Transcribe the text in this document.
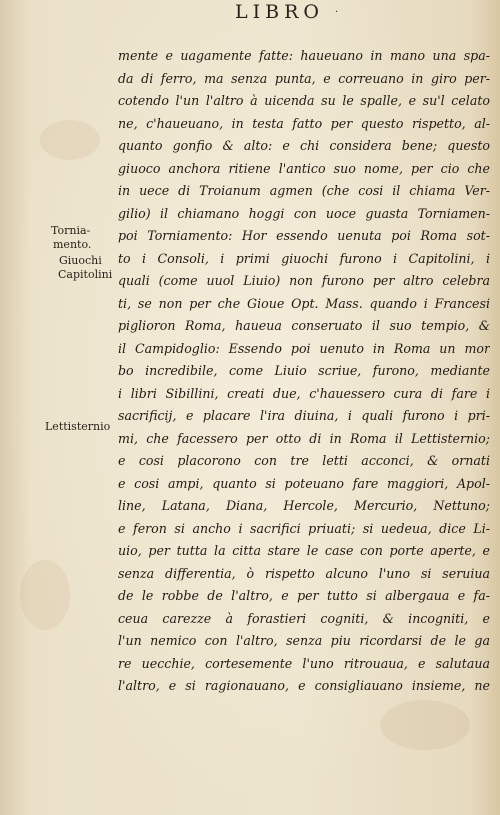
LIBRO ·
Tornia-
mento.
Giuochi
Capitolini
Lettisternio
mente e uagamente fatte: haueuano in mano una spa-
da di ferro, ma senza punta, e correuano in giro per-
cotendo l'un l'altro à uicenda su le spalle, e su'l celato
ne, c'haueuano, in testa fatto per questo rispetto, al-
quanto gonfio & alto: e chi considera bene; questo
giuoco anchora ritiene l'antico suo nome, per cio che
in uece di Troianum agmen (che cosi il chiama Ver-
gilio) il chiamano hoggi con uoce guasta Torniamen-
poi Torniamento: Hor essendo uenuta poi Roma sot-
to i Consoli, i primi giuochi furono i Capitolini, i
quali (come uuol Liuio) non furono per altro celebra
ti, se non per che Gioue Opt. Mass. quando i Francesi
piglioron Roma, haueua conseruato il suo tempio, &
il Campidoglio: Essendo poi uenuto in Roma un mor
bo incredibile, come Liuio scriue, furono, mediante
i libri Sibillini, creati due, c'hauessero cura di fare i
sacrificij, e placare l'ira diuina, i quali furono i pri-
mi, che facessero per otto di in Roma il Lettisternio;
e cosi placorono con tre letti acconci, & ornati
e cosi ampi, quanto si poteuano fare maggiori, Apol-
line, Latana, Diana, Hercole, Mercurio, Nettuno;
e feron si ancho i sacrifici priuati; si uedeua, dice Li-
uio, per tutta la citta stare le case con porte aperte, e
senza differentia, ò rispetto alcuno l'uno si seruiua
de le robbe de l'altro, e per tutto si albergaua e fa-
ceua carezze à forastieri cogniti, & incogniti, e
l'un nemico con l'altro, senza piu ricordarsi de le ga
re uecchie, cortesemente l'uno ritrouaua, e salutaua
l'altro, e si ragionauano, e consigliauano insieme, ne
